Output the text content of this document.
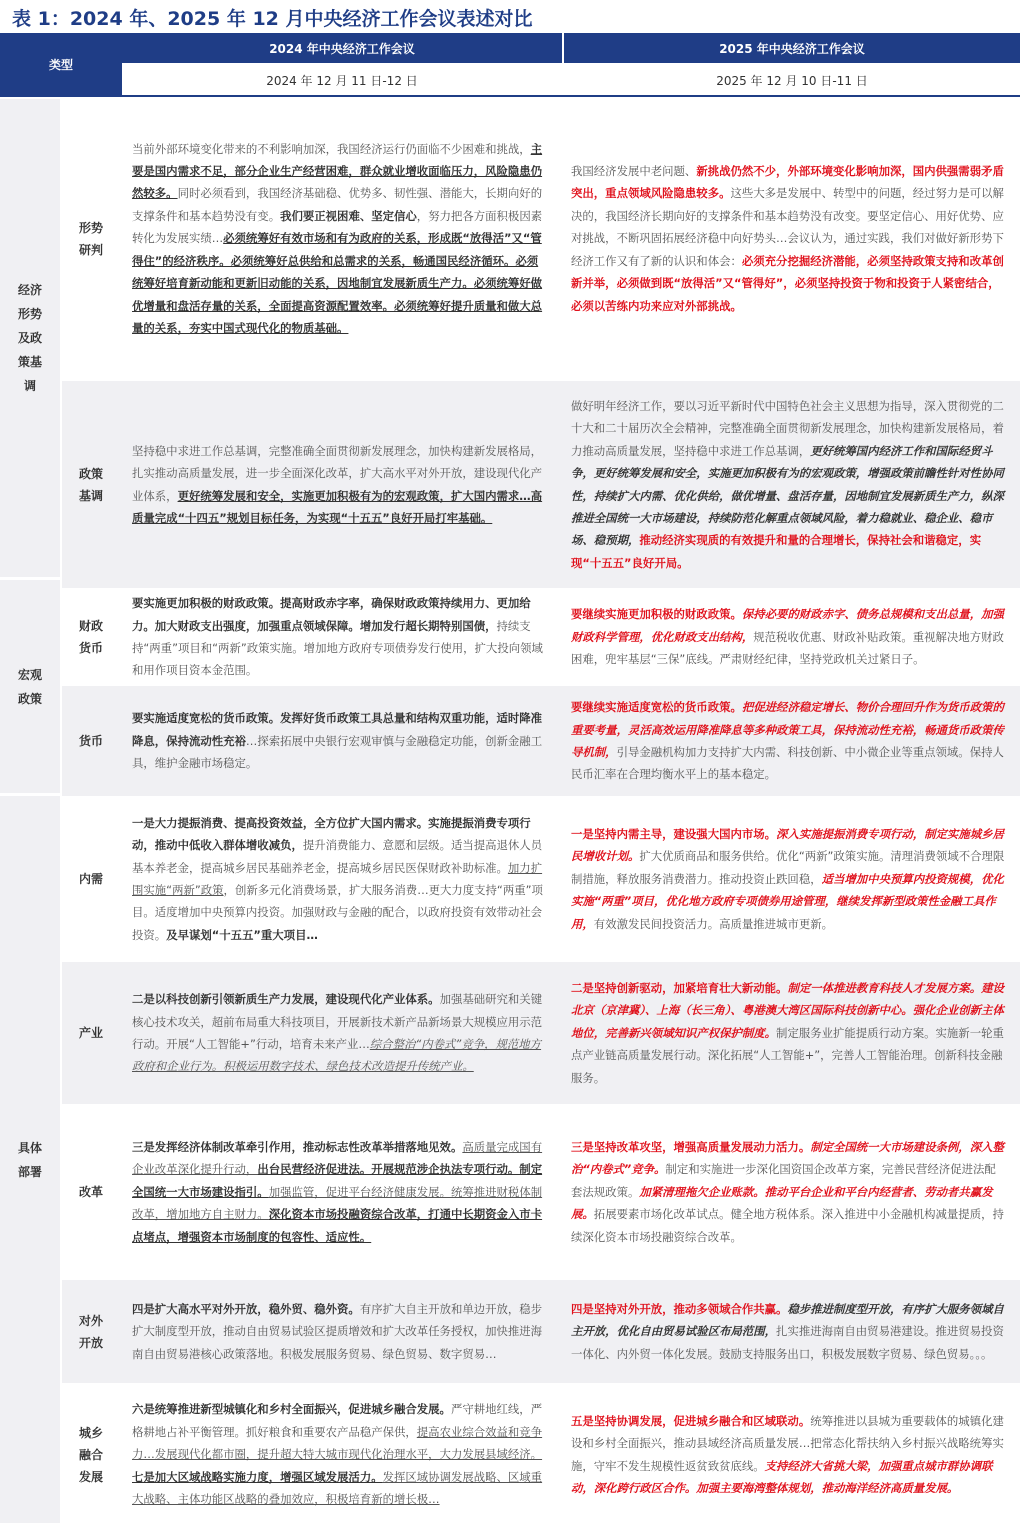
表 1：2024 年、2025 年 12 月中央经济工作会议表述对比
类型
2024 年中央经济工作会议	2025 年中央经济工作会议
2024 年 12 月 11 日-12 日	2025 年 12 月 10 日-11 日
经济形势及政策基调
宏观政策
具体部署
形势研判
当前外部环境变化带来的不利影响加深，我国经济运行仍面临不少困难和挑战，主要是国内需求不足，部分企业生产经营困难，群众就业增收面临压力，风险隐患仍然较多。同时必须看到，我国经济基础稳、优势多、韧性强、潜能大，长期向好的支撑条件和基本趋势没有变。我们要正视困难、坚定信心，努力把各方面积极因素转化为发展实绩…必须统筹好有效市场和有为政府的关系，形成既“放得活”又“管得住”的经济秩序。必须统筹好总供给和总需求的关系，畅通国民经济循环。必须统筹好培育新动能和更新旧动能的关系，因地制宜发展新质生产力。必须统筹好做优增量和盘活存量的关系，全面提高资源配置效率。必须统筹好提升质量和做大总量的关系，夯实中国式现代化的物质基础。
我国经济发展中老问题、新挑战仍然不少，外部环境变化影响加深，国内供强需弱矛盾突出，重点领域风险隐患较多。这些大多是发展中、转型中的问题，经过努力是可以解决的，我国经济长期向好的支撑条件和基本趋势没有改变。要坚定信心、用好优势、应对挑战，不断巩固拓展经济稳中向好势头…会议认为，通过实践，我们对做好新形势下经济工作又有了新的认识和体会：必须充分挖掘经济潜能，必须坚持政策支持和改革创新并举，必须做到既“放得活”又“管得好”，必须坚持投资于物和投资于人紧密结合，必须以苦练内功来应对外部挑战。
政策基调
坚持稳中求进工作总基调，完整准确全面贯彻新发展理念，加快构建新发展格局，扎实推动高质量发展，进一步全面深化改革，扩大高水平对外开放，建设现代化产业体系，更好统筹发展和安全，实施更加积极有为的宏观政策，扩大国内需求…高质量完成“十四五”规划目标任务，为实现“十五五”良好开局打牢基础。
做好明年经济工作，要以习近平新时代中国特色社会主义思想为指导，深入贯彻党的二十大和二十届历次全会精神，完整准确全面贯彻新发展理念，加快构建新发展格局，着力推动高质量发展，坚持稳中求进工作总基调，更好统筹国内经济工作和国际经贸斗争，更好统筹发展和安全，实施更加积极有为的宏观政策，增强政策前瞻性针对性协同性，持续扩大内需、优化供给，做优增量、盘活存量，因地制宜发展新质生产力，纵深推进全国统一大市场建设，持续防范化解重点领域风险，着力稳就业、稳企业、稳市场、稳预期，推动经济实现质的有效提升和量的合理增长，保持社会和谐稳定，实现“十五五”良好开局。
财政货币
要实施更加积极的财政政策。提高财政赤字率，确保财政政策持续用力、更加给力。加大财政支出强度，加强重点领域保障。增加发行超长期特别国债，持续支持“两重”项目和“两新”政策实施。增加地方政府专项债券发行使用，扩大投向领域和用作项目资本金范围。
要继续实施更加积极的财政政策。保持必要的财政赤字、债务总规模和支出总量，加强财政科学管理，优化财政支出结构，规范税收优惠、财政补贴政策。重视解决地方财政困难，兜牢基层“三保”底线。严肃财经纪律，坚持党政机关过紧日子。
货币
要实施适度宽松的货币政策。发挥好货币政策工具总量和结构双重功能，适时降准降息，保持流动性充裕…探索拓展中央银行宏观审慎与金融稳定功能，创新金融工具，维护金融市场稳定。
要继续实施适度宽松的货币政策。把促进经济稳定增长、物价合理回升作为货币政策的重要考量，灵活高效运用降准降息等多种政策工具，保持流动性充裕，畅通货币政策传导机制，引导金融机构加力支持扩大内需、科技创新、中小微企业等重点领域。保持人民币汇率在合理均衡水平上的基本稳定。
内需
一是大力提振消费、提高投资效益，全方位扩大国内需求。实施提振消费专项行动，推动中低收入群体增收减负，提升消费能力、意愿和层级。适当提高退休人员基本养老金，提高城乡居民基础养老金，提高城乡居民医保财政补助标准。加力扩围实施“两新”政策，创新多元化消费场景，扩大服务消费…更大力度支持“两重”项目。适度增加中央预算内投资。加强财政与金融的配合，以政府投资有效带动社会投资。及早谋划“十五五”重大项目…
一是坚持内需主导，建设强大国内市场。深入实施提振消费专项行动，制定实施城乡居民增收计划。扩大优质商品和服务供给。优化“两新”政策实施。清理消费领域不合理限制措施，释放服务消费潜力。推动投资止跌回稳，适当增加中央预算内投资规模，优化实施“两重”项目，优化地方政府专项债券用途管理，继续发挥新型政策性金融工具作用，有效激发民间投资活力。高质量推进城市更新。
产业
二是以科技创新引领新质生产力发展，建设现代化产业体系。加强基础研究和关键核心技术攻关，超前布局重大科技项目，开展新技术新产品新场景大规模应用示范行动。开展“人工智能+”行动，培育未来产业…综合整治“内卷式”竞争，规范地方政府和企业行为。积极运用数字技术、绿色技术改造提升传统产业。
二是坚持创新驱动，加紧培育壮大新动能。制定一体推进教育科技人才发展方案。建设北京（京津冀）、上海（长三角）、粤港澳大湾区国际科技创新中心。强化企业创新主体地位，完善新兴领域知识产权保护制度。制定服务业扩能提质行动方案。实施新一轮重点产业链高质量发展行动。深化拓展“人工智能+”，完善人工智能治理。创新科技金融服务。
改革
三是发挥经济体制改革牵引作用，推动标志性改革举措落地见效。高质量完成国有企业改革深化提升行动，出台民营经济促进法。开展规范涉企执法专项行动。制定全国统一大市场建设指引。加强监管，促进平台经济健康发展。统筹推进财税体制改革，增加地方自主财力。深化资本市场投融资综合改革，打通中长期资金入市卡点堵点，增强资本市场制度的包容性、适应性。
三是坚持改革攻坚，增强高质量发展动力活力。制定全国统一大市场建设条例，深入整治“内卷式”竞争。制定和实施进一步深化国资国企改革方案，完善民营经济促进法配套法规政策。加紧清理拖欠企业账款。推动平台企业和平台内经营者、劳动者共赢发展。拓展要素市场化改革试点。健全地方税体系。深入推进中小金融机构减量提质，持续深化资本市场投融资综合改革。
对外开放
四是扩大高水平对外开放，稳外贸、稳外资。有序扩大自主开放和单边开放，稳步扩大制度型开放，推动自由贸易试验区提质增效和扩大改革任务授权，加快推进海南自由贸易港核心政策落地。积极发展服务贸易、绿色贸易、数字贸易…
四是坚持对外开放，推动多领域合作共赢。稳步推进制度型开放，有序扩大服务领域自主开放，优化自由贸易试验区布局范围，扎实推进海南自由贸易港建设。推进贸易投资一体化、内外贸一体化发展。鼓励支持服务出口，积极发展数字贸易、绿色贸易。。。
城乡融合发展
六是统筹推进新型城镇化和乡村全面振兴，促进城乡融合发展。严守耕地红线，严格耕地占补平衡管理。抓好粮食和重要农产品稳产保供，提高农业综合效益和竞争力…发展现代化都市圈，提升超大特大城市现代化治理水平，大力发展县域经济。七是加大区域战略实施力度，增强区域发展活力。发挥区域协调发展战略、区域重大战略、主体功能区战略的叠加效应，积极培育新的增长极…
五是坚持协调发展，促进城乡融合和区域联动。统筹推进以县城为重要载体的城镇化建设和乡村全面振兴，推动县域经济高质量发展…把常态化帮扶纳入乡村振兴战略统筹实施，守牢不发生规模性返贫致贫底线。支持经济大省挑大梁，加强重点城市群协调联动，深化跨行政区合作。加强主要海湾整体规划，推动海洋经济高质量发展。
